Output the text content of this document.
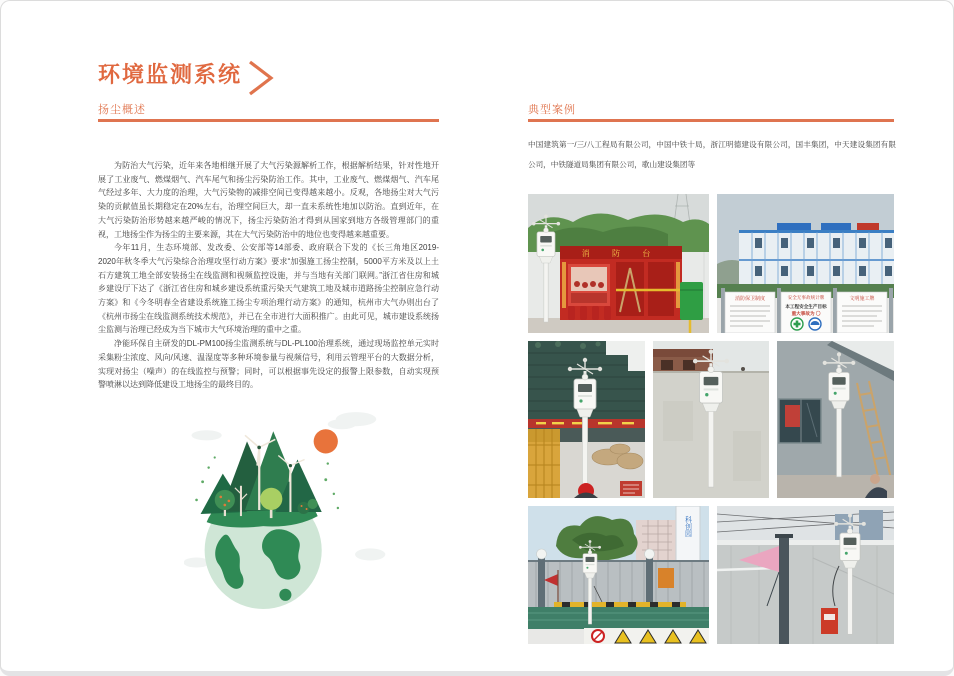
环境监测系统
扬尘概述	典型案例

为防治大气污染，近年来各地相继开展了大气污染源解析工作，根据解析结果，针对性地开展了工业废气、燃煤烟气、汽车尾气和扬尘污染防治工作。其中，工业废气、燃煤烟气、汽车尾气经过多年、大力度的治理，大气污染物的减排空间已变得越来越小。反观，各地扬尘对大气污染的贡献值虽长期稳定在20%左右，治理空间巨大，却一直未系统性地加以防治。直到近年，在大气污染防治形势越来越严峻的情况下，扬尘污染防治才得到从国家到地方各级管理部门的重视，工地扬尘作为扬尘的主要来源，其在大气污染防治中的地位也变得越来越重要。

今年11月，生态环境部、发改委、公安部等14部委、政府联合下发的《长三角地区2019-2020年秋冬季大气污染综合治理攻坚行动方案》要求“加强施工扬尘控制，5000平方米及以上土石方建筑工地全部安装扬尘在线监测和视频监控设施，并与当地有关部门联网。”浙江省住房和城乡建设厅下达了《浙江省住房和城乡建设系统重污染天气建筑工地及城市道路扬尘控制应急行动方案》和《今冬明春全省建设系统施工扬尘专项治理行动方案》的通知，杭州市大气办则出台了《杭州市扬尘在线监测系统技术规范》，并已在全市进行大面积推广。由此可见，城市建设系统扬尘监测与治理已经成为当下城市大气环境治理的重中之重。

净能环保自主研发的DL-PM100扬尘监测系统与DL-PL100治理系统，通过现场监控单元实时采集粉尘浓度、风向/风速、温湿度等多种环境参量与视频信号，利用云管理平台的大数据分析，实现对扬尘（噪声）的在线监控与预警；同时，可以根据事先设定的报警上限参数，自动实现预警喷淋以达到降低建设工地扬尘的最终目的。

中国建筑第一/三/八工程局有限公司，中国中铁十局，浙江明德建设有限公司，国丰集团，中天建设集团有限公司，中铁隧道局集团有限公司，歌山建设集团等

消 防 台
消防保卫制度	安全无事故统计牌
本工程安全生产目标
重大事故为 〇
文明施工牌
科创园
